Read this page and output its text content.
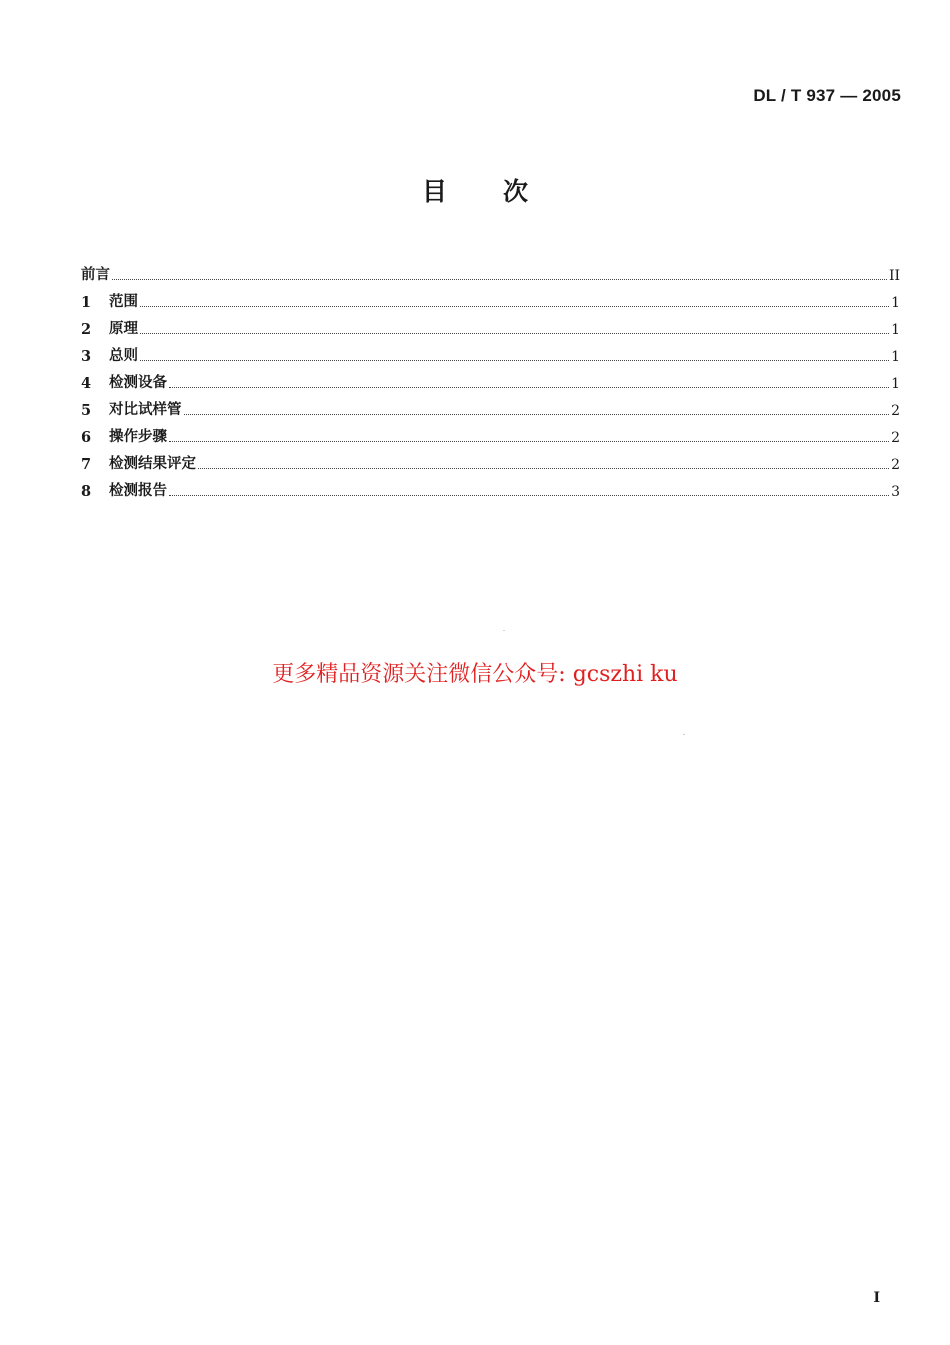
DL / T 937 — 2005
目次
前言	II
1	范围	1
2	原理	1
3	总则	1
4	检测设备	1
5	对比试样管	2
6	操作步骤	2
7	检测结果评定	2
8	检测报告	3
更多精品资源关注微信公众号: gcszhi ku
I
